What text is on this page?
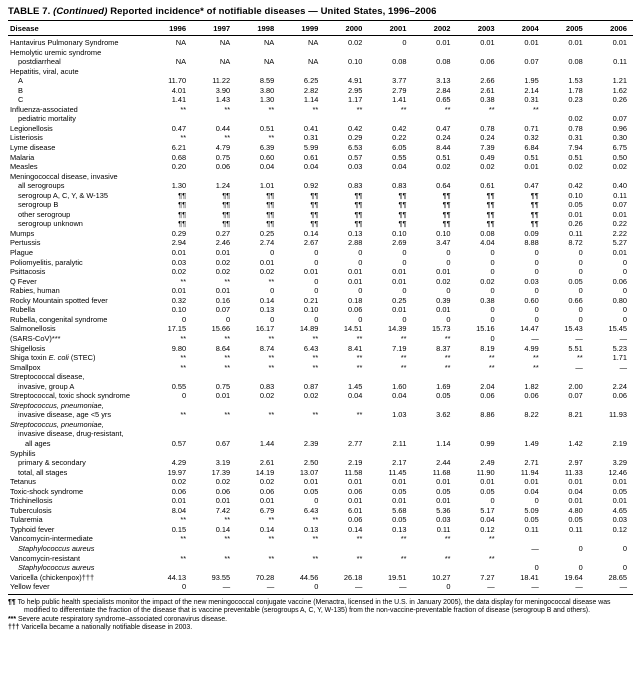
TABLE 7. (Continued) Reported incidence* of notifiable diseases — United States, 1996–2006
Disease	1996	1997	1998	1999	2000	2001	2002	2003	2004	2005	2006
Hantavirus Pulmonary Syndrome	NA	NA	NA	NA	0.02	0	0.01	0.01	0.01	0.01	0.01
Hemolytic uremic syndrome											
postdiarrheal	NA	NA	NA	NA	0.10	0.08	0.08	0.06	0.07	0.08	0.11
Hepatitis, viral, acute											
A	11.70	11.22	8.59	6.25	4.91	3.77	3.13	2.66	1.95	1.53	1.21
B	4.01	3.90	3.80	2.82	2.95	2.79	2.84	2.61	2.14	1.78	1.62
C	1.41	1.43	1.30	1.14	1.17	1.41	0.65	0.38	0.31	0.23	0.26
Influenza-associated	**	**	**	**	**	**	**	**	**		
pediatric mortality										0.02	0.07
Legionellosis	0.47	0.44	0.51	0.41	0.42	0.42	0.47	0.78	0.71	0.78	0.96
Listeriosis	**	**	**	0.31	0.29	0.22	0.24	0.24	0.32	0.31	0.30
Lyme disease	6.21	4.79	6.39	5.99	6.53	6.05	8.44	7.39	6.84	7.94	6.75
Malaria	0.68	0.75	0.60	0.61	0.57	0.55	0.51	0.49	0.51	0.51	0.50
Measles	0.20	0.06	0.04	0.04	0.03	0.04	0.02	0.02	0.01	0.02	0.02
Meningococcal disease, invasive											
all serogroups	1.30	1.24	1.01	0.92	0.83	0.83	0.64	0.61	0.47	0.42	0.40
serogroup A, C, Y, & W-135	¶¶	¶¶	¶¶	¶¶	¶¶	¶¶	¶¶	¶¶	¶¶	0.10	0.11
serogroup B	¶¶	¶¶	¶¶	¶¶	¶¶	¶¶	¶¶	¶¶	¶¶	0.05	0.07
other serogroup	¶¶	¶¶	¶¶	¶¶	¶¶	¶¶	¶¶	¶¶	¶¶	0.01	0.01
serogroup unknown	¶¶	¶¶	¶¶	¶¶	¶¶	¶¶	¶¶	¶¶	¶¶	0.26	0.22
Mumps	0.29	0.27	0.25	0.14	0.13	0.10	0.10	0.08	0.09	0.11	2.22
Pertussis	2.94	2.46	2.74	2.67	2.88	2.69	3.47	4.04	8.88	8.72	5.27
Plague	0.01	0.01	0	0	0	0	0	0	0	0	0.01
Poliomyelitis, paralytic	0.03	0.02	0.01	0	0	0	0	0	0	0	0
Psittacosis	0.02	0.02	0.02	0.01	0.01	0.01	0.01	0	0	0	0
Q Fever	**	**	**	0	0.01	0.01	0.02	0.02	0.03	0.05	0.06
Rabies, human	0.01	0.01	0	0	0	0	0	0	0	0	0
Rocky Mountain spotted fever	0.32	0.16	0.14	0.21	0.18	0.25	0.39	0.38	0.60	0.66	0.80
Rubella	0.10	0.07	0.13	0.10	0.06	0.01	0.01	0	0	0	0
Rubella, congenital syndrome	0	0	0	0	0	0	0	0	0	0	0
Salmonellosis	17.15	15.66	16.17	14.89	14.51	14.39	15.73	15.16	14.47	15.43	15.45
(SARS-CoV)***	**	**	**	**	**	**	**	0	—	—	—
Shigellosis	9.80	8.64	8.74	6.43	8.41	7.19	8.37	8.19	4.99	5.51	5.23
Shiga toxin E. coli (STEC)	**	**	**	**	**	**	**	**	**	**	1.71
Smallpox	**	**	**	**	**	**	**	**	**	—	—
Streptococcal disease,											
invasive, group A	0.55	0.75	0.83	0.87	1.45	1.60	1.69	2.04	1.82	2.00	2.24
Streptococcal, toxic shock syndrome	0	0.01	0.02	0.02	0.04	0.04	0.05	0.06	0.06	0.07	0.06
Streptococcus, pneumoniae,											
invasive disease, age <5 yrs	**	**	**	**	**	1.03	3.62	8.86	8.22	8.21	11.93
Streptococcus, pneumoniae,											
invasive disease, drug-resistant,											
all ages	0.57	0.67	1.44	2.39	2.77	2.11	1.14	0.99	1.49	1.42	2.19
Syphilis											
primary & secondary	4.29	3.19	2.61	2.50	2.19	2.17	2.44	2.49	2.71	2.97	3.29
total, all stages	19.97	17.39	14.19	13.07	11.58	11.45	11.68	11.90	11.94	11.33	12.46
Tetanus	0.02	0.02	0.02	0.01	0.01	0.01	0.01	0.01	0.01	0.01	0.01
Toxic-shock syndrome	0.06	0.06	0.06	0.05	0.06	0.05	0.05	0.05	0.04	0.04	0.05
Trichinellosis	0.01	0.01	0.01	0	0.01	0.01	0.01	0	0	0.01	0.01
Tuberculosis	8.04	7.42	6.79	6.43	6.01	5.68	5.36	5.17	5.09	4.80	4.65
Tularemia	**	**	**	**	0.06	0.05	0.03	0.04	0.05	0.05	0.03
Typhoid fever	0.15	0.14	0.14	0.13	0.14	0.13	0.11	0.12	0.11	0.11	0.12
Vancomycin-intermediate	**	**	**	**	**	**	**	**			
Staphylococcus aureus									—	0	0
Vancomycin-resistant	**	**	**	**	**	**	**	**			
Staphylococcus aureus									0	0	0
Varicella (chickenpox)†††	44.13	93.55	70.28	44.56	26.18	19.51	10.27	7.27	18.41	19.64	28.65
Yellow fever	0	—	—	0	—	—	0	—	—	—	—
¶¶ To help public health specialists monitor the impact of the new meningococcal conjugate vaccine (Menactra, licensed in the U.S. in January 2005), the data display for meningococcal disease was modified to differentiate the fraction of the disease that is vaccine preventable (serogroups A, C, Y, W-135) from the non-vaccine-preventable fraction of disease (serogroup B and others).
*** Severe acute respiratory syndrome–associated coronavirus disease.
††† Varicella became a nationally notifiable disease in 2003.
